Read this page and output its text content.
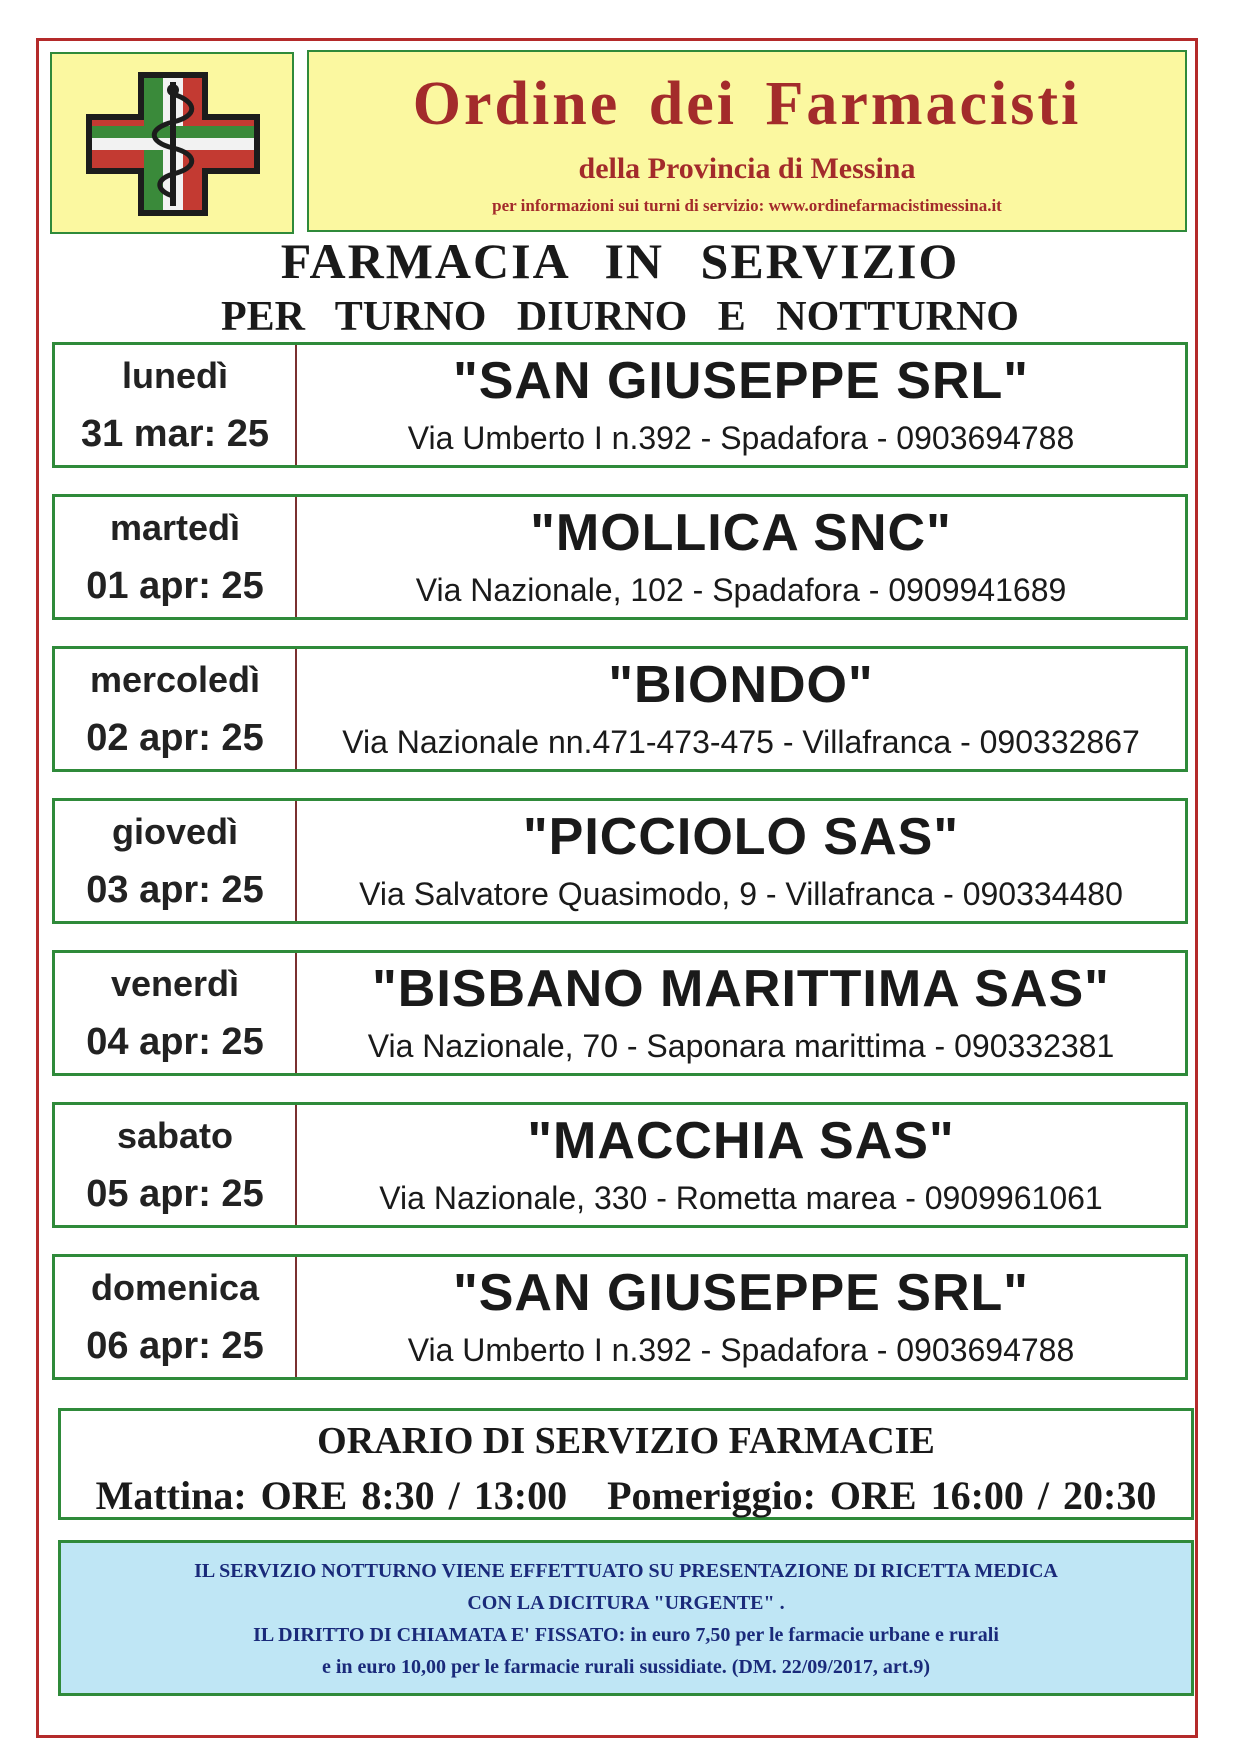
Ordine dei Farmacisti
della Provincia di Messina
per informazioni sui turni di servizio: www.ordinefarmacistimessina.it
FARMACIA IN SERVIZIO
PER TURNO DIURNO E NOTTURNO
lunedì
31 mar: 25
"SAN GIUSEPPE SRL"
Via Umberto I n.392 - Spadafora - 0903694788
martedì
01 apr: 25
"MOLLICA SNC"
Via Nazionale, 102 - Spadafora - 0909941689
mercoledì
02 apr: 25
"BIONDO"
Via Nazionale nn.471-473-475 - Villafranca - 090332867
giovedì
03 apr: 25
"PICCIOLO SAS"
Via Salvatore Quasimodo, 9 - Villafranca - 090334480
venerdì
04 apr: 25
"BISBANO MARITTIMA SAS"
Via Nazionale, 70 - Saponara marittima - 090332381
sabato
05 apr: 25
"MACCHIA SAS"
Via Nazionale, 330 - Rometta marea - 0909961061
domenica
06 apr: 25
"SAN GIUSEPPE SRL"
Via Umberto I n.392 - Spadafora - 0903694788
ORARIO DI SERVIZIO FARMACIE
Mattina: ORE 8:30 / 13:00 Pomeriggio: ORE 16:00 / 20:30
IL SERVIZIO NOTTURNO VIENE EFFETTUATO SU PRESENTAZIONE DI RICETTA MEDICA
CON LA DICITURA "URGENTE" .
IL DIRITTO DI CHIAMATA E' FISSATO: in euro 7,50 per le farmacie urbane e rurali
e in euro 10,00 per le farmacie rurali sussidiate. (DM. 22/09/2017, art.9)
